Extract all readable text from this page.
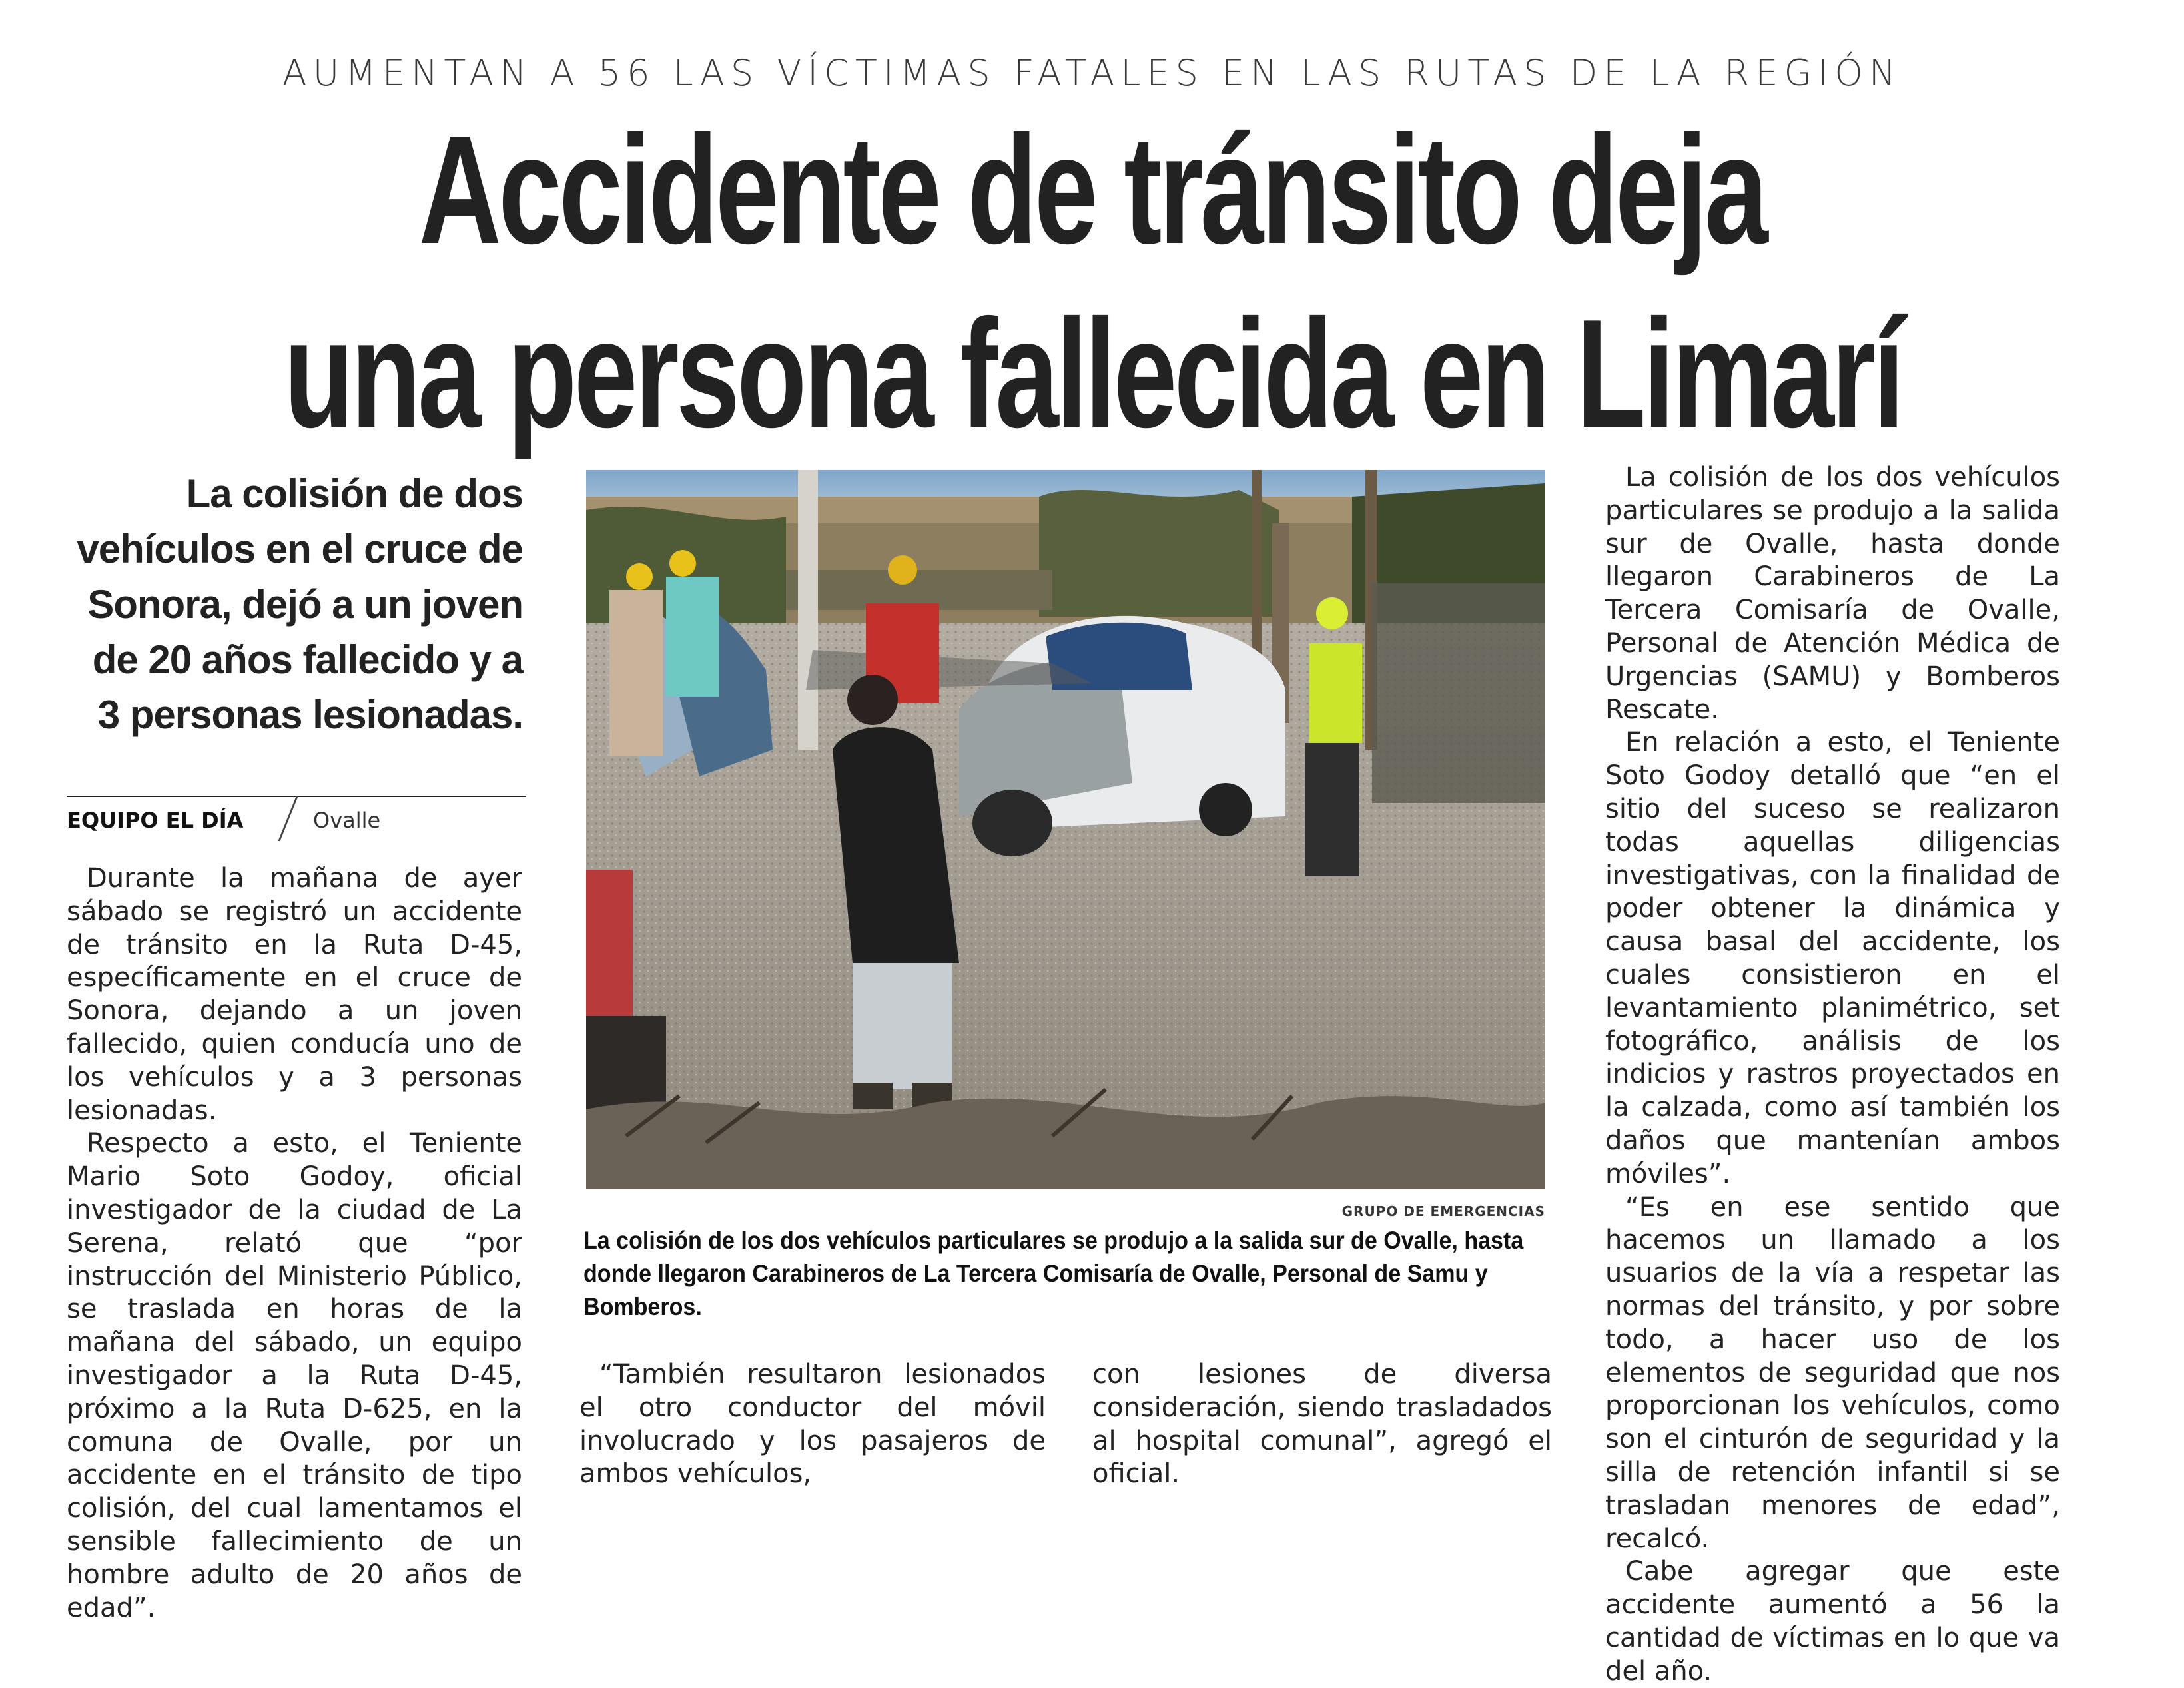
AUMENTAN A 56 LAS VÍCTIMAS FATALES EN LAS RUTAS DE LA REGIÓN
Accidente de tránsito deja
una persona fallecida en Limarí
La colisión de dos vehículos en el cruce de Sonora, dejó a un joven de 20 años fallecido y a 3 personas lesionadas.
EQUIPO EL DÍA	Ovalle

Durante la mañana de ayer sábado se registró un accidente de tránsito en la Ruta D-45, específicamente en el cruce de Sonora, dejando a un joven fallecido, quien conducía uno de los vehículos y a 3 personas lesionadas.

Respecto a esto, el Teniente Mario Soto Godoy, oficial investigador de la ciudad de La Serena, relató que “por instrucción del Ministerio Público, se traslada en horas de la mañana del sábado, un equipo investigador a la Ruta D-45, próximo a la Ruta D-625, en la comuna de Ovalle, por un accidente en el tránsito de tipo colisión, del cual lamentamos el sensible fallecimiento de un hombre adulto de 20 años de edad”.

GRUPO DE EMERGENCIAS
La colisión de los dos vehículos particulares se produjo a la salida sur de Ovalle, hasta donde llegaron Carabineros de La Tercera Comisaría de Ovalle, Personal de Samu y Bomberos.

“También resultaron lesionados el otro conductor del móvil involucrado y los pasajeros de ambos vehículos,

con lesiones de diversa consideración, siendo trasladados al hospital comunal”, agregó el oficial.

La colisión de los dos vehículos particulares se produjo a la salida sur de Ovalle, hasta donde llegaron Carabineros de La Tercera Comisaría de Ovalle, Personal de Atención Médica de Urgencias (SAMU) y Bomberos Rescate.

En relación a esto, el Teniente Soto Godoy detalló que “en el sitio del suceso se realizaron todas aquellas diligencias investigativas, con la finalidad de poder obtener la dinámica y causa basal del accidente, los cuales consistieron en el levantamiento planimétrico, set fotográfico, análisis de los indicios y rastros proyectados en la calzada, como así también los daños que mantenían ambos móviles”.

“Es en ese sentido que hacemos un llamado a los usuarios de la vía a respetar las normas del tránsito, y por sobre todo, a hacer uso de los elementos de seguridad que nos proporcionan los vehículos, como son el cinturón de seguridad y la silla de retención infantil si se trasladan menores de edad”, recalcó.

Cabe agregar que este accidente aumentó a 56 la cantidad de víctimas en lo que va del año.
